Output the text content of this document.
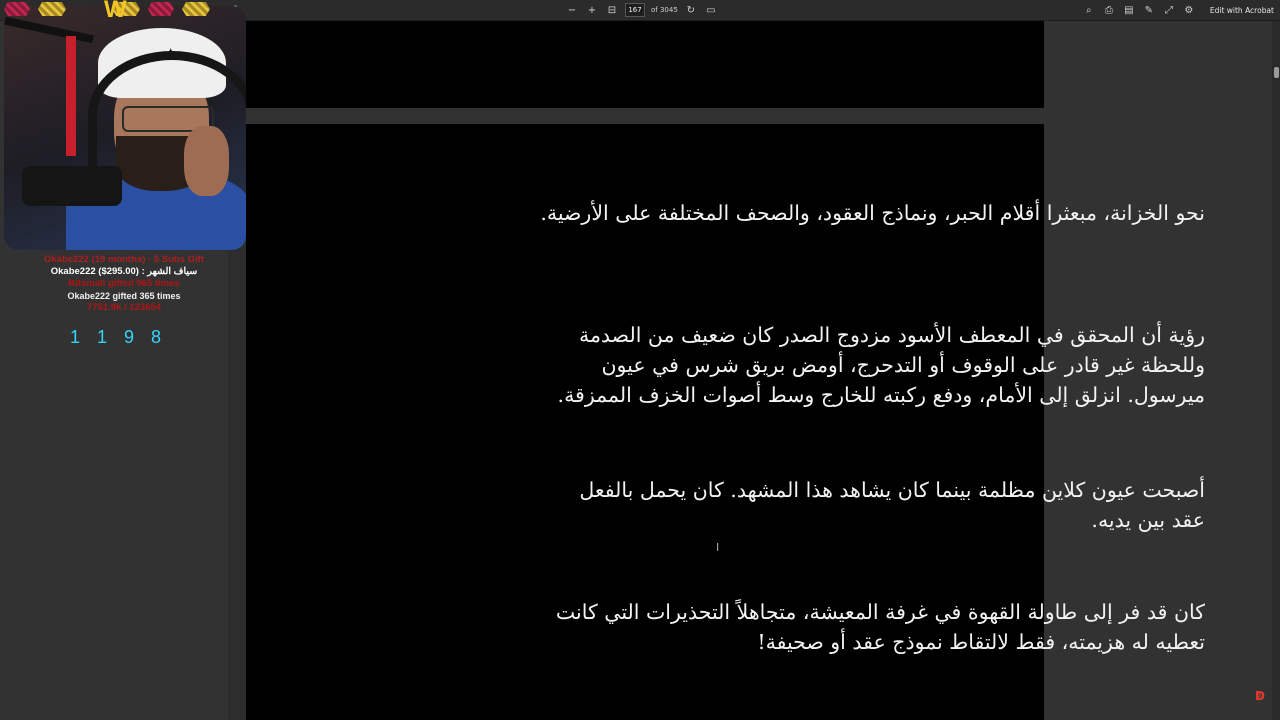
− + ⊟
167	of 3045 ↻ ▭	⌕	⎙	▤ ✎	⤢	⚙	Edit with Acrobat
نحو الخزانة، مبعثرا أقلام الحبر، ونماذج العقود، والصحف المختلفة على الأرضية.
رؤية أن المحقق في المعطف الأسود مزدوج الصدر كان ضعيف من الصدمة وللحظة غير قادر على الوقوف أو التدحرج، أومض بريق شرس في عيون ميرسول. انزلق إلى الأمام، ودفع ركبته للخارج وسط أصوات الخزف الممزقة.
أصبحت عيون كلاين مظلمة بينما كان يشاهد هذا المشهد. كان يحمل بالفعل عقد بين يديه.
كان قد فر إلى طاولة القهوة في غرفة المعيشة، متجاهلاً التحذيرات التي كانت تعطيه له هزيمته، فقط لالتقاط نموذج عقد أو صحيفة!
I
ↁ
✦
W
Okabe222 (19 months) · 5 Subs Gift
Okabe222 ($295.00) : سياف الشهر
Bitsmall gifted 965 times
Okabe222 gifted 365 times
7751.9k / 123654
1 1 9 8
